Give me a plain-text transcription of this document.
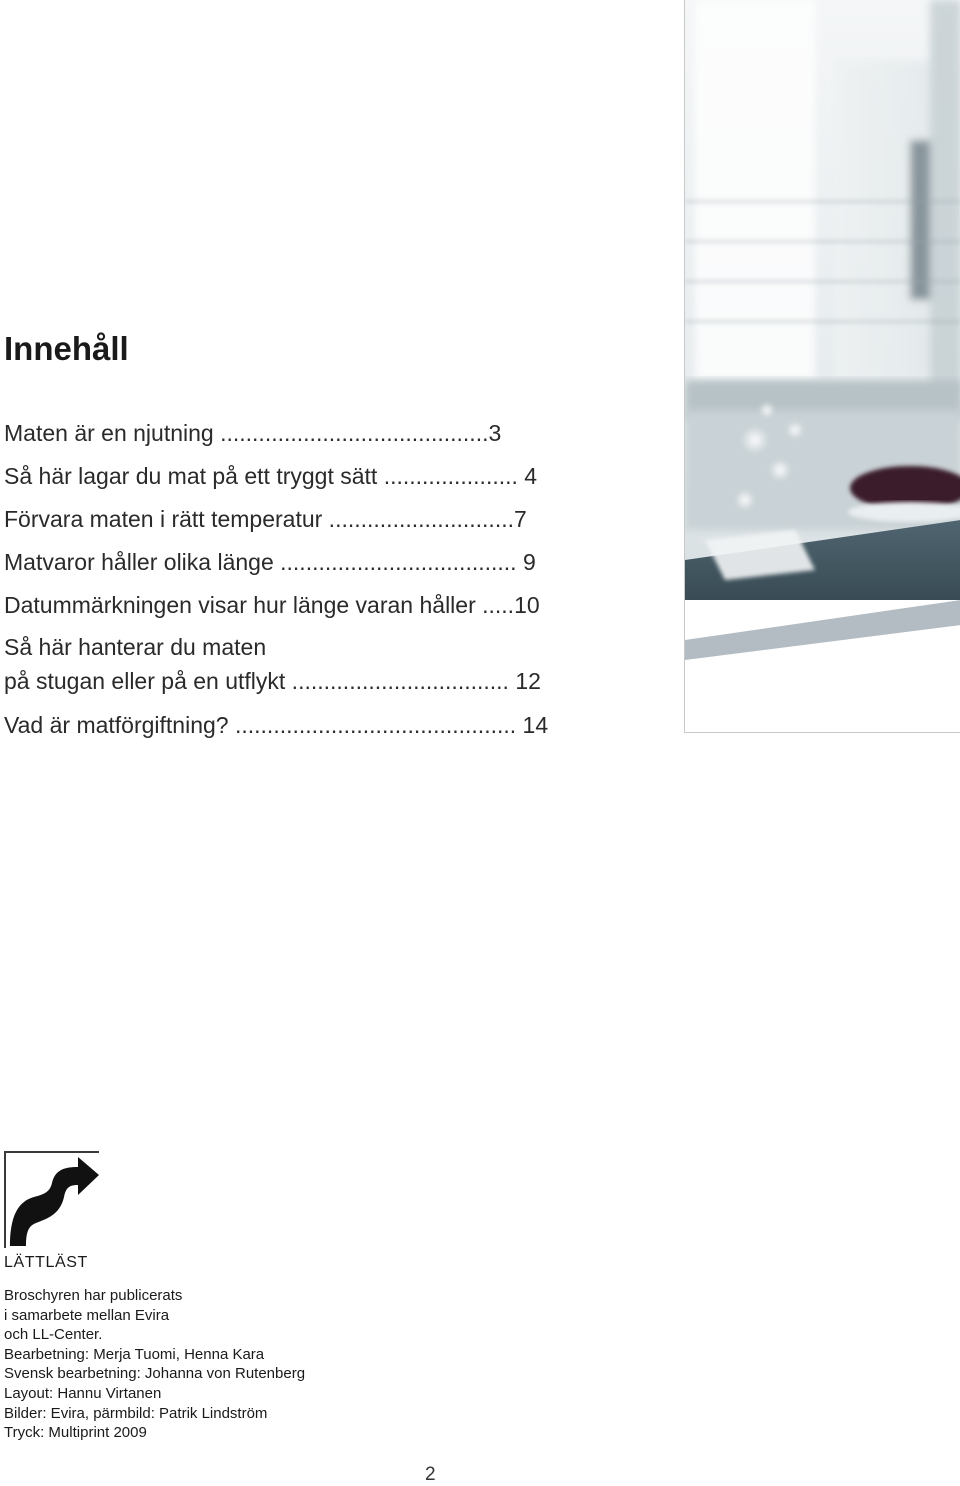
Innehåll
Maten är en njutning ..........................................3
Så här lagar du mat på ett tryggt sätt ..................... 4
Förvara maten i rätt temperatur .............................7
Matvaror håller olika länge ..................................... 9
Datummärkningen visar hur länge varan håller .....10
Så här hanterar du maten
på stugan eller på en utflykt .................................. 12
Vad är matförgiftning? ............................................ 14
LÄTTLÄST
Broschyren har publicerats
i samarbete mellan Evira
och LL-Center.
Bearbetning: Merja Tuomi, Henna Kara
Svensk bearbetning: Johanna von Rutenberg
Layout: Hannu Virtanen
Bilder: Evira, pärmbild: Patrik Lindström
Tryck: Multiprint 2009
2
